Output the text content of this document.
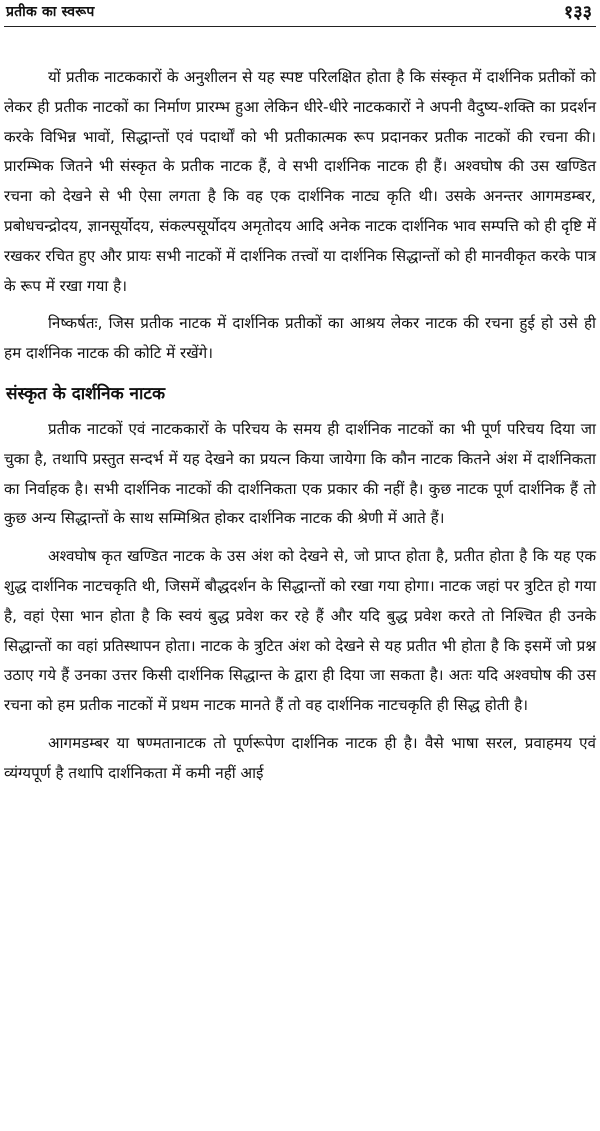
प्रतीक का स्वरूप	१३३

यों प्रतीक नाटककारों के अनुशीलन से यह स्पष्ट परिलक्षित होता है कि संस्कृत में दार्शनिक प्रतीकों को लेकर ही प्रतीक नाटकों का निर्माण प्रारम्भ हुआ लेकिन धीरे-धीरे नाटककारों ने अपनी वैदुष्य-शक्ति का प्रदर्शन करके विभिन्न भावों, सिद्धान्तों एवं पदार्थों को भी प्रतीकात्मक रूप प्रदानकर प्रतीक नाटकों की रचना की। प्रारम्भिक जितने भी संस्कृत के प्रतीक नाटक हैं, वे सभी दार्शनिक नाटक ही हैं। अश्वघोष की उस खण्डित रचना को देखने से भी ऐसा लगता है कि वह एक दार्शनिक नाट्य कृति थी। उसके अनन्तर आगमडम्बर, प्रबोधचन्द्रोदय, ज्ञानसूर्योदय, संकल्पसूर्योदय अमृतोदय आदि अनेक नाटक दार्शनिक भाव सम्पत्ति को ही दृष्टि में रखकर रचित हुए और प्रायः सभी नाटकों में दार्शनिक तत्त्वों या दार्शनिक सिद्धान्तों को ही मानवीकृत करके पात्र के रूप में रखा गया है।

निष्कर्षतः, जिस प्रतीक नाटक में दार्शनिक प्रतीकों का आश्रय लेकर नाटक की रचना हुई हो उसे ही हम दार्शनिक नाटक की कोटि में रखेंगे।

संस्कृत के दार्शनिक नाटक

प्रतीक नाटकों एवं नाटककारों के परिचय के समय ही दार्शनिक नाटकों का भी पूर्ण परिचय दिया जा चुका है, तथापि प्रस्तुत सन्दर्भ में यह देखने का प्रयत्न किया जायेगा कि कौन नाटक कितने अंश में दार्शनिकता का निर्वाहक है। सभी दार्शनिक नाटकों की दार्शनिकता एक प्रकार की नहीं है। कुछ नाटक पूर्ण दार्शनिक हैं तो कुछ अन्य सिद्धान्तों के साथ सम्मिश्रित होकर दार्शनिक नाटक की श्रेणी में आते हैं।

अश्वघोष कृत खण्डित नाटक के उस अंश को देखने से, जो प्राप्त होता है, प्रतीत होता है कि यह एक शुद्ध दार्शनिक नाटचकृति थी, जिसमें बौद्धदर्शन के सिद्धान्तों को रखा गया होगा। नाटक जहां पर त्रुटित हो गया है, वहां ऐसा भान होता है कि स्वयं बुद्ध प्रवेश कर रहे हैं और यदि बुद्ध प्रवेश करते तो निश्चित ही उनके सिद्धान्तों का वहां प्रतिस्थापन होता। नाटक के त्रुटित अंश को देखने से यह प्रतीत भी होता है कि इसमें जो प्रश्न उठाए गये हैं उनका उत्तर किसी दार्शनिक सिद्धान्त के द्वारा ही दिया जा सकता है। अतः यदि अश्वघोष की उस रचना को हम प्रतीक नाटकों में प्रथम नाटक मानते हैं तो वह दार्शनिक नाटचकृति ही सिद्ध होती है।

आगमडम्बर या षण्मतानाटक तो पूर्णरूपेण दार्शनिक नाटक ही है। वैसे भाषा सरल, प्रवाहमय एवं व्यंग्यपूर्ण है तथापि दार्शनिकता में कमी नहीं आई
